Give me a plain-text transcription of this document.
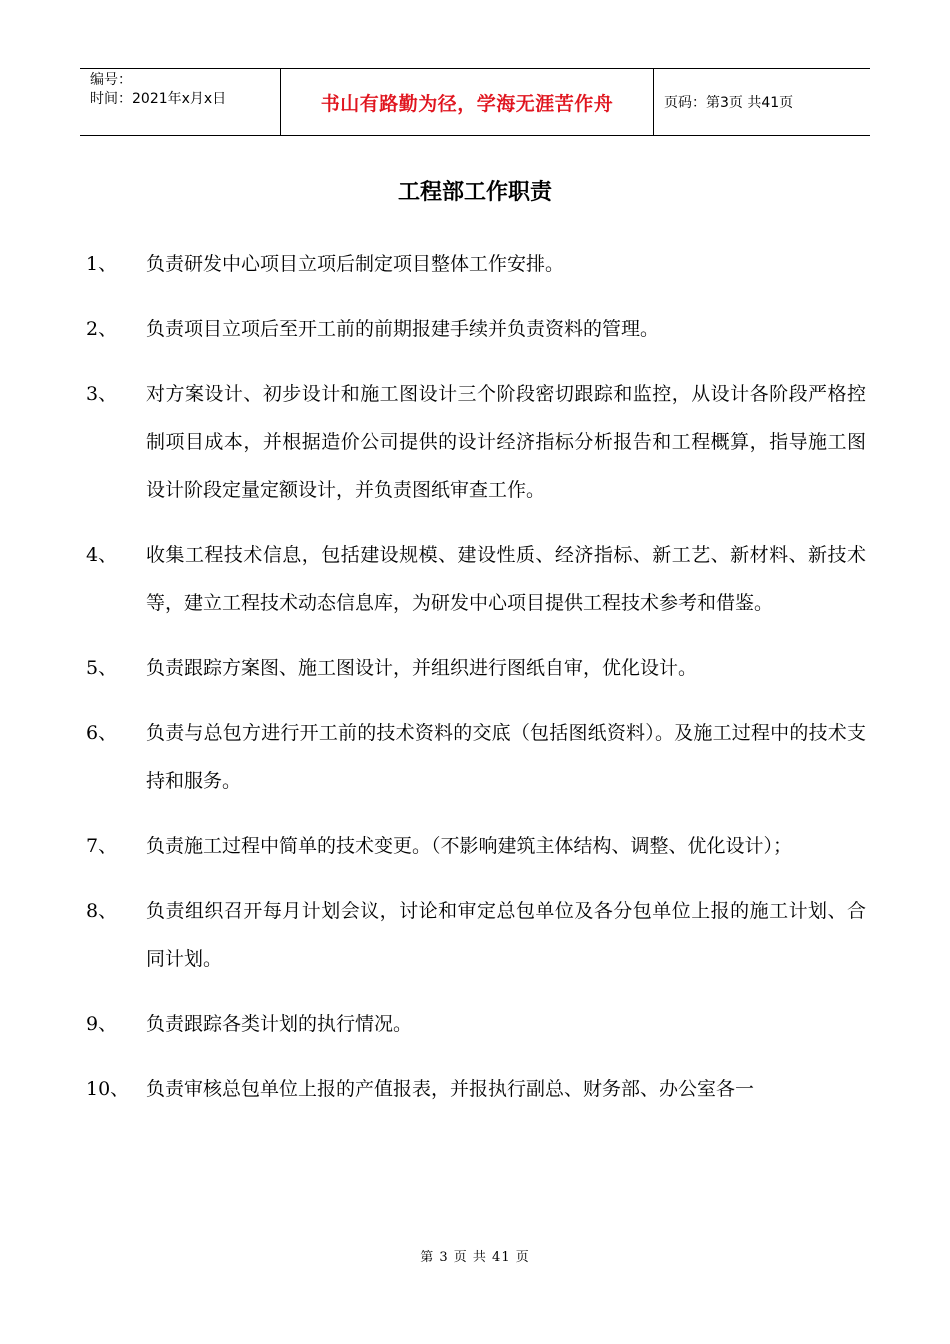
编号：
时间：2021年x月x日	书山有路勤为径，学海无涯苦作舟	页码：第3页 共41页
工程部工作职责
1、	负责研发中心项目立项后制定项目整体工作安排。
2、	负责项目立项后至开工前的前期报建手续并负责资料的管理。
3、	对方案设计、初步设计和施工图设计三个阶段密切跟踪和监控，从设计各阶段严格控制项目成本，并根据造价公司提供的设计经济指标分析报告和工程概算，指导施工图设计阶段定量定额设计，并负责图纸审查工作。
4、	收集工程技术信息，包括建设规模、建设性质、经济指标、新工艺、新材料、新技术等，建立工程技术动态信息库，为研发中心项目提供工程技术参考和借鉴。
5、	负责跟踪方案图、施工图设计，并组织进行图纸自审，优化设计。
6、	负责与总包方进行开工前的技术资料的交底（包括图纸资料）。及施工过程中的技术支持和服务。
7、	负责施工过程中简单的技术变更。（不影响建筑主体结构、调整、优化设计）；
8、	负责组织召开每月计划会议，讨论和审定总包单位及各分包单位上报的施工计划、合同计划。
9、	负责跟踪各类计划的执行情况。
10、 负责审核总包单位上报的产值报表，并报执行副总、财务部、办公室各一
第 3 页 共 41 页
